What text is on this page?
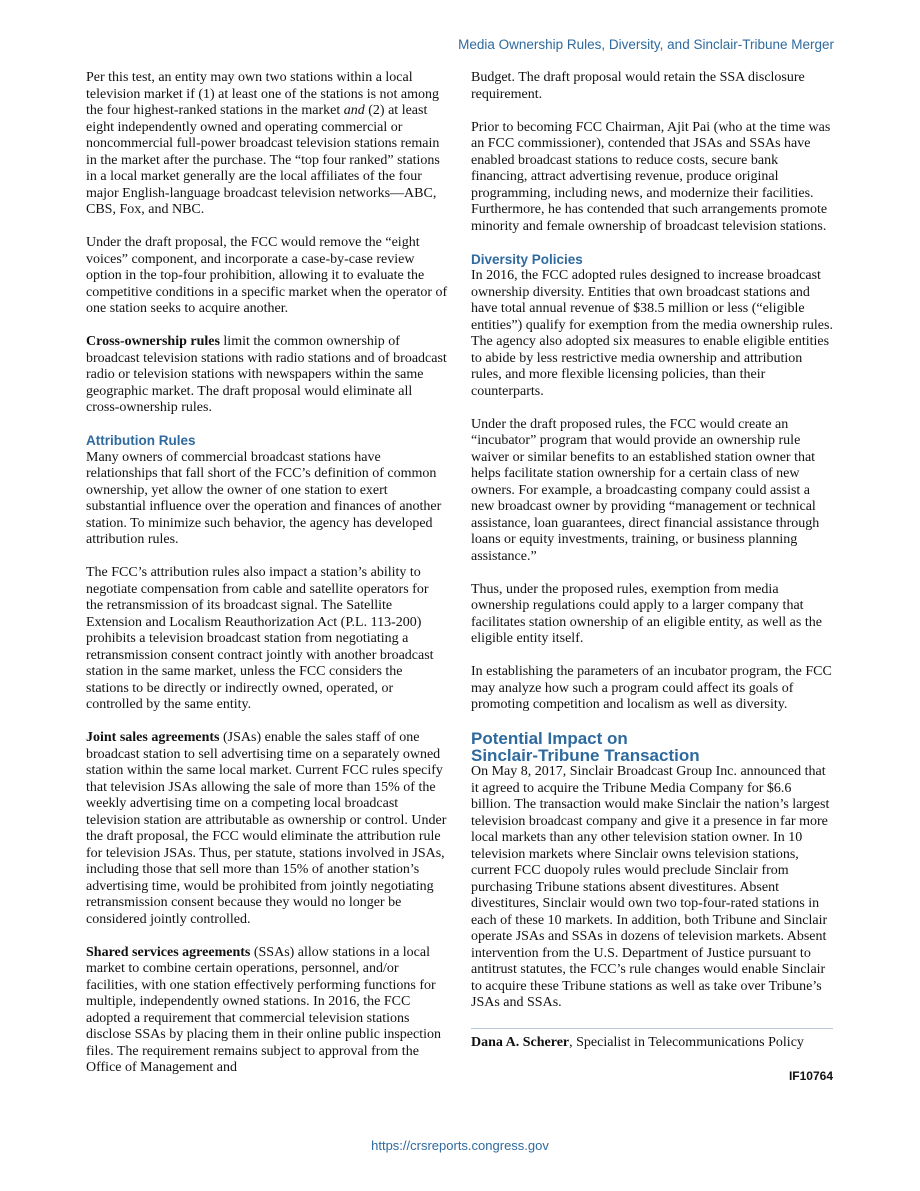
Media Ownership Rules, Diversity, and Sinclair-Tribune Merger

Per this test, an entity may own two stations within a local television market if (1) at least one of the stations is not among the four highest-ranked stations in the market and (2) at least eight independently owned and operating commercial or noncommercial full-power broadcast television stations remain in the market after the purchase. The “top four ranked” stations in a local market generally are the local affiliates of the four major English-language broadcast television networks—ABC, CBS, Fox, and NBC.

Under the draft proposal, the FCC would remove the “eight voices” component, and incorporate a case-by-case review option in the top-four prohibition, allowing it to evaluate the competitive conditions in a specific market when the operator of one station seeks to acquire another.

Cross-ownership rules limit the common ownership of broadcast television stations with radio stations and of broadcast radio or television stations with newspapers within the same geographic market. The draft proposal would eliminate all cross-ownership rules.

Attribution Rules

Many owners of commercial broadcast stations have relationships that fall short of the FCC’s definition of common ownership, yet allow the owner of one station to exert substantial influence over the operation and finances of another station. To minimize such behavior, the agency has developed attribution rules.

The FCC’s attribution rules also impact a station’s ability to negotiate compensation from cable and satellite operators for the retransmission of its broadcast signal. The Satellite Extension and Localism Reauthorization Act (P.L. 113-200) prohibits a television broadcast station from negotiating a retransmission consent contract jointly with another broadcast station in the same market, unless the FCC considers the stations to be directly or indirectly owned, operated, or controlled by the same entity.

Joint sales agreements (JSAs) enable the sales staff of one broadcast station to sell advertising time on a separately owned station within the same local market. Current FCC rules specify that television JSAs allowing the sale of more than 15% of the weekly advertising time on a competing local broadcast television station are attributable as ownership or control. Under the draft proposal, the FCC would eliminate the attribution rule for television JSAs. Thus, per statute, stations involved in JSAs, including those that sell more than 15% of another station’s advertising time, would be prohibited from jointly negotiating retransmission consent because they would no longer be considered jointly controlled.

Shared services agreements (SSAs) allow stations in a local market to combine certain operations, personnel, and/or facilities, with one station effectively performing functions for multiple, independently owned stations. In 2016, the FCC adopted a requirement that commercial television stations disclose SSAs by placing them in their online public inspection files. The requirement remains subject to approval from the Office of Management and

Budget. The draft proposal would retain the SSA disclosure requirement.

Prior to becoming FCC Chairman, Ajit Pai (who at the time was an FCC commissioner), contended that JSAs and SSAs have enabled broadcast stations to reduce costs, secure bank financing, attract advertising revenue, produce original programming, including news, and modernize their facilities. Furthermore, he has contended that such arrangements promote minority and female ownership of broadcast television stations.

Diversity Policies

In 2016, the FCC adopted rules designed to increase broadcast ownership diversity. Entities that own broadcast stations and have total annual revenue of $38.5 million or less (“eligible entities”) qualify for exemption from the media ownership rules. The agency also adopted six measures to enable eligible entities to abide by less restrictive media ownership and attribution rules, and more flexible licensing policies, than their counterparts.

Under the draft proposed rules, the FCC would create an “incubator” program that would provide an ownership rule waiver or similar benefits to an established station owner that helps facilitate station ownership for a certain class of new owners. For example, a broadcasting company could assist a new broadcast owner by providing “management or technical assistance, loan guarantees, direct financial assistance through loans or equity investments, training, or business planning assistance.”

Thus, under the proposed rules, exemption from media ownership regulations could apply to a larger company that facilitates station ownership of an eligible entity, as well as the eligible entity itself.

In establishing the parameters of an incubator program, the FCC may analyze how such a program could affect its goals of promoting competition and localism as well as diversity.

Potential Impact on
Sinclair-Tribune Transaction

On May 8, 2017, Sinclair Broadcast Group Inc. announced that it agreed to acquire the Tribune Media Company for $6.6 billion. The transaction would make Sinclair the nation’s largest television broadcast company and give it a presence in far more local markets than any other television station owner. In 10 television markets where Sinclair owns television stations, current FCC duopoly rules would preclude Sinclair from purchasing Tribune stations absent divestitures. Absent divestitures, Sinclair would own two top-four-rated stations in each of these 10 markets. In addition, both Tribune and Sinclair operate JSAs and SSAs in dozens of television markets. Absent intervention from the U.S. Department of Justice pursuant to antitrust statutes, the FCC’s rule changes would enable Sinclair to acquire these Tribune stations as well as take over Tribune’s JSAs and SSAs.

Dana A. Scherer, Specialist in Telecommunications Policy

IF10764
https://crsreports.congress.gov
